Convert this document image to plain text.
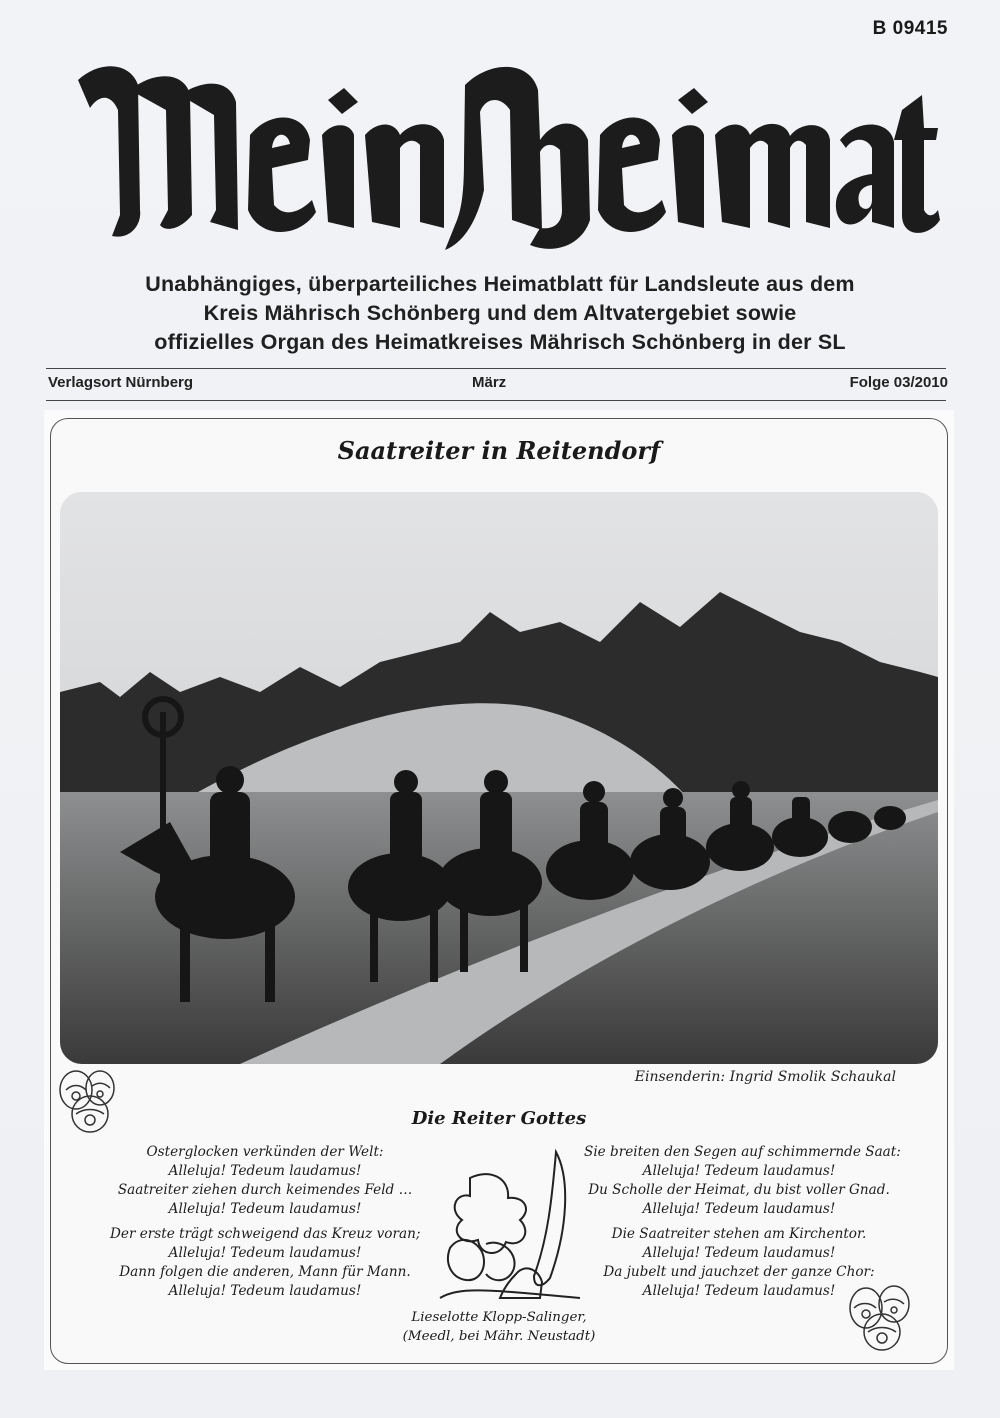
B 09415
Unabhängiges, überparteiliches Heimatblatt für Landsleute aus dem
Kreis Mährisch Schönberg und dem Altvatergebiet sowie
offizielles Organ des Heimatkreises Mährisch Schönberg in der SL
Verlagsort Nürnberg	März	Folge 03/2010
Saatreiter in Reitendorf
Einsenderin: Ingrid Smolik Schaukal
Die Reiter Gottes
Osterglocken verkünden der Welt:
Alleluja! Tedeum laudamus!
Saatreiter ziehen durch keimendes Feld …
Alleluja! Tedeum laudamus!
Der erste trägt schweigend das Kreuz voran;
Alleluja! Tedeum laudamus!
Dann folgen die anderen, Mann für Mann.
Alleluja! Tedeum laudamus!
Sie breiten den Segen auf schimmernde Saat:
Alleluja! Tedeum laudamus!
Du Scholle der Heimat, du bist voller Gnad.
Alleluja! Tedeum laudamus!
Die Saatreiter stehen am Kirchentor.
Alleluja! Tedeum laudamus!
Da jubelt und jauchzet der ganze Chor:
Alleluja! Tedeum laudamus!
Lieselotte Klopp-Salinger,
(Meedl, bei Mähr. Neustadt)
